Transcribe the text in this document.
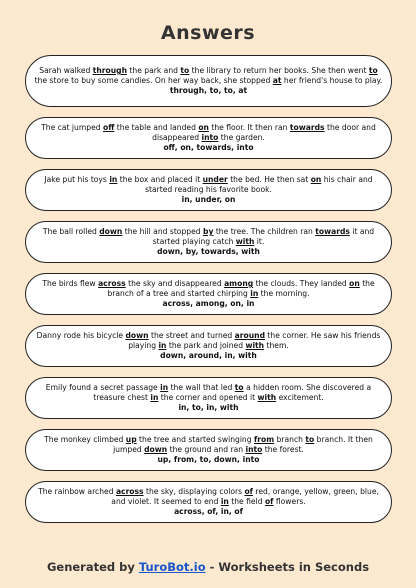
Answers
Sarah walked through the park and to the library to return her books. She then went to the store to buy some candies. On her way back, she stopped at her friend's house to play.
through, to, to, at
The cat jumped off the table and landed on the floor. It then ran towards the door and disappeared into the garden.
off, on, towards, into
Jake put his toys in the box and placed it under the bed. He then sat on his chair and started reading his favorite book.
in, under, on
The ball rolled down the hill and stopped by the tree. The children ran towards it and started playing catch with it.
down, by, towards, with
The birds flew across the sky and disappeared among the clouds. They landed on the branch of a tree and started chirping in the morning.
across, among, on, in
Danny rode his bicycle down the street and turned around the corner. He saw his friends playing in the park and joined with them.
down, around, in, with
Emily found a secret passage in the wall that led to a hidden room. She discovered a treasure chest in the corner and opened it with excitement.
in, to, in, with
The monkey climbed up the tree and started swinging from branch to branch. It then jumped down the ground and ran into the forest.
up, from, to, down, into
The rainbow arched across the sky, displaying colors of red, orange, yellow, green, blue, and violet. It seemed to end in the field of flowers.
across, of, in, of
Generated by TuroBot.io - Worksheets in Seconds
